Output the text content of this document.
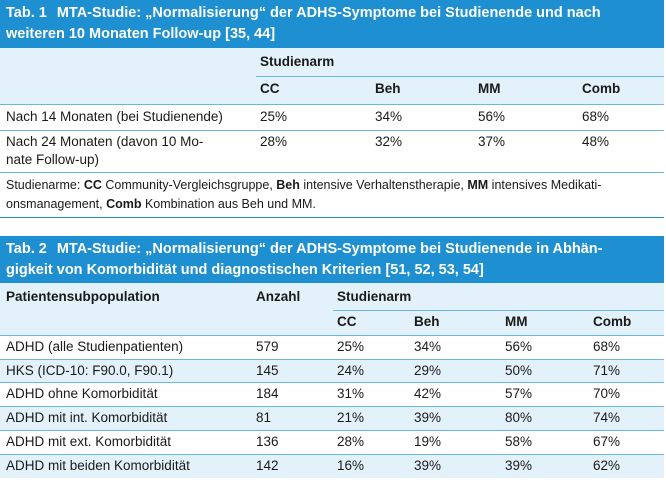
Tab. 1 MTA-Studie: „Normalisierung“ der ADHS-Symptome bei Studienende und nach
weiteren 10 Monaten Follow-up [35, 44]
Studienarm
CC	Beh	MM	Comb
Nach 14 Monaten (bei Studienende)	25%	34%	56%	68%
Nach 24 Monaten (davon 10 Mo-
nate Follow-up)
28%	32%	37%	48%
Studienarme: CC Community-Vergleichsgruppe, Beh intensive Verhaltenstherapie, MM intensives Medikati-
onsmanagement, Comb Kombination aus Beh und MM.
Tab. 2 MTA-Studie: „Normalisierung“ der ADHS-Symptome bei Studienende in Abhän-
gigkeit von Komorbidität und diagnostischen Kriterien [51, 52, 53, 54]
Patientensubpopulation	Anzahl	Studienarm
CC	Beh	MM	Comb
ADHD (alle Studienpatienten)	579	25%	34%	56%	68%
HKS (ICD-10: F90.0, F90.1)	145	24%	29%	50%	71%
ADHD ohne Komorbidität	184	31%	42%	57%	70%
ADHD mit int. Komorbidität	81	21%	39%	80%	74%
ADHD mit ext. Komorbidität	136	28%	19%	58%	67%
ADHD mit beiden Komorbidität	142	16%	39%	39%	62%
